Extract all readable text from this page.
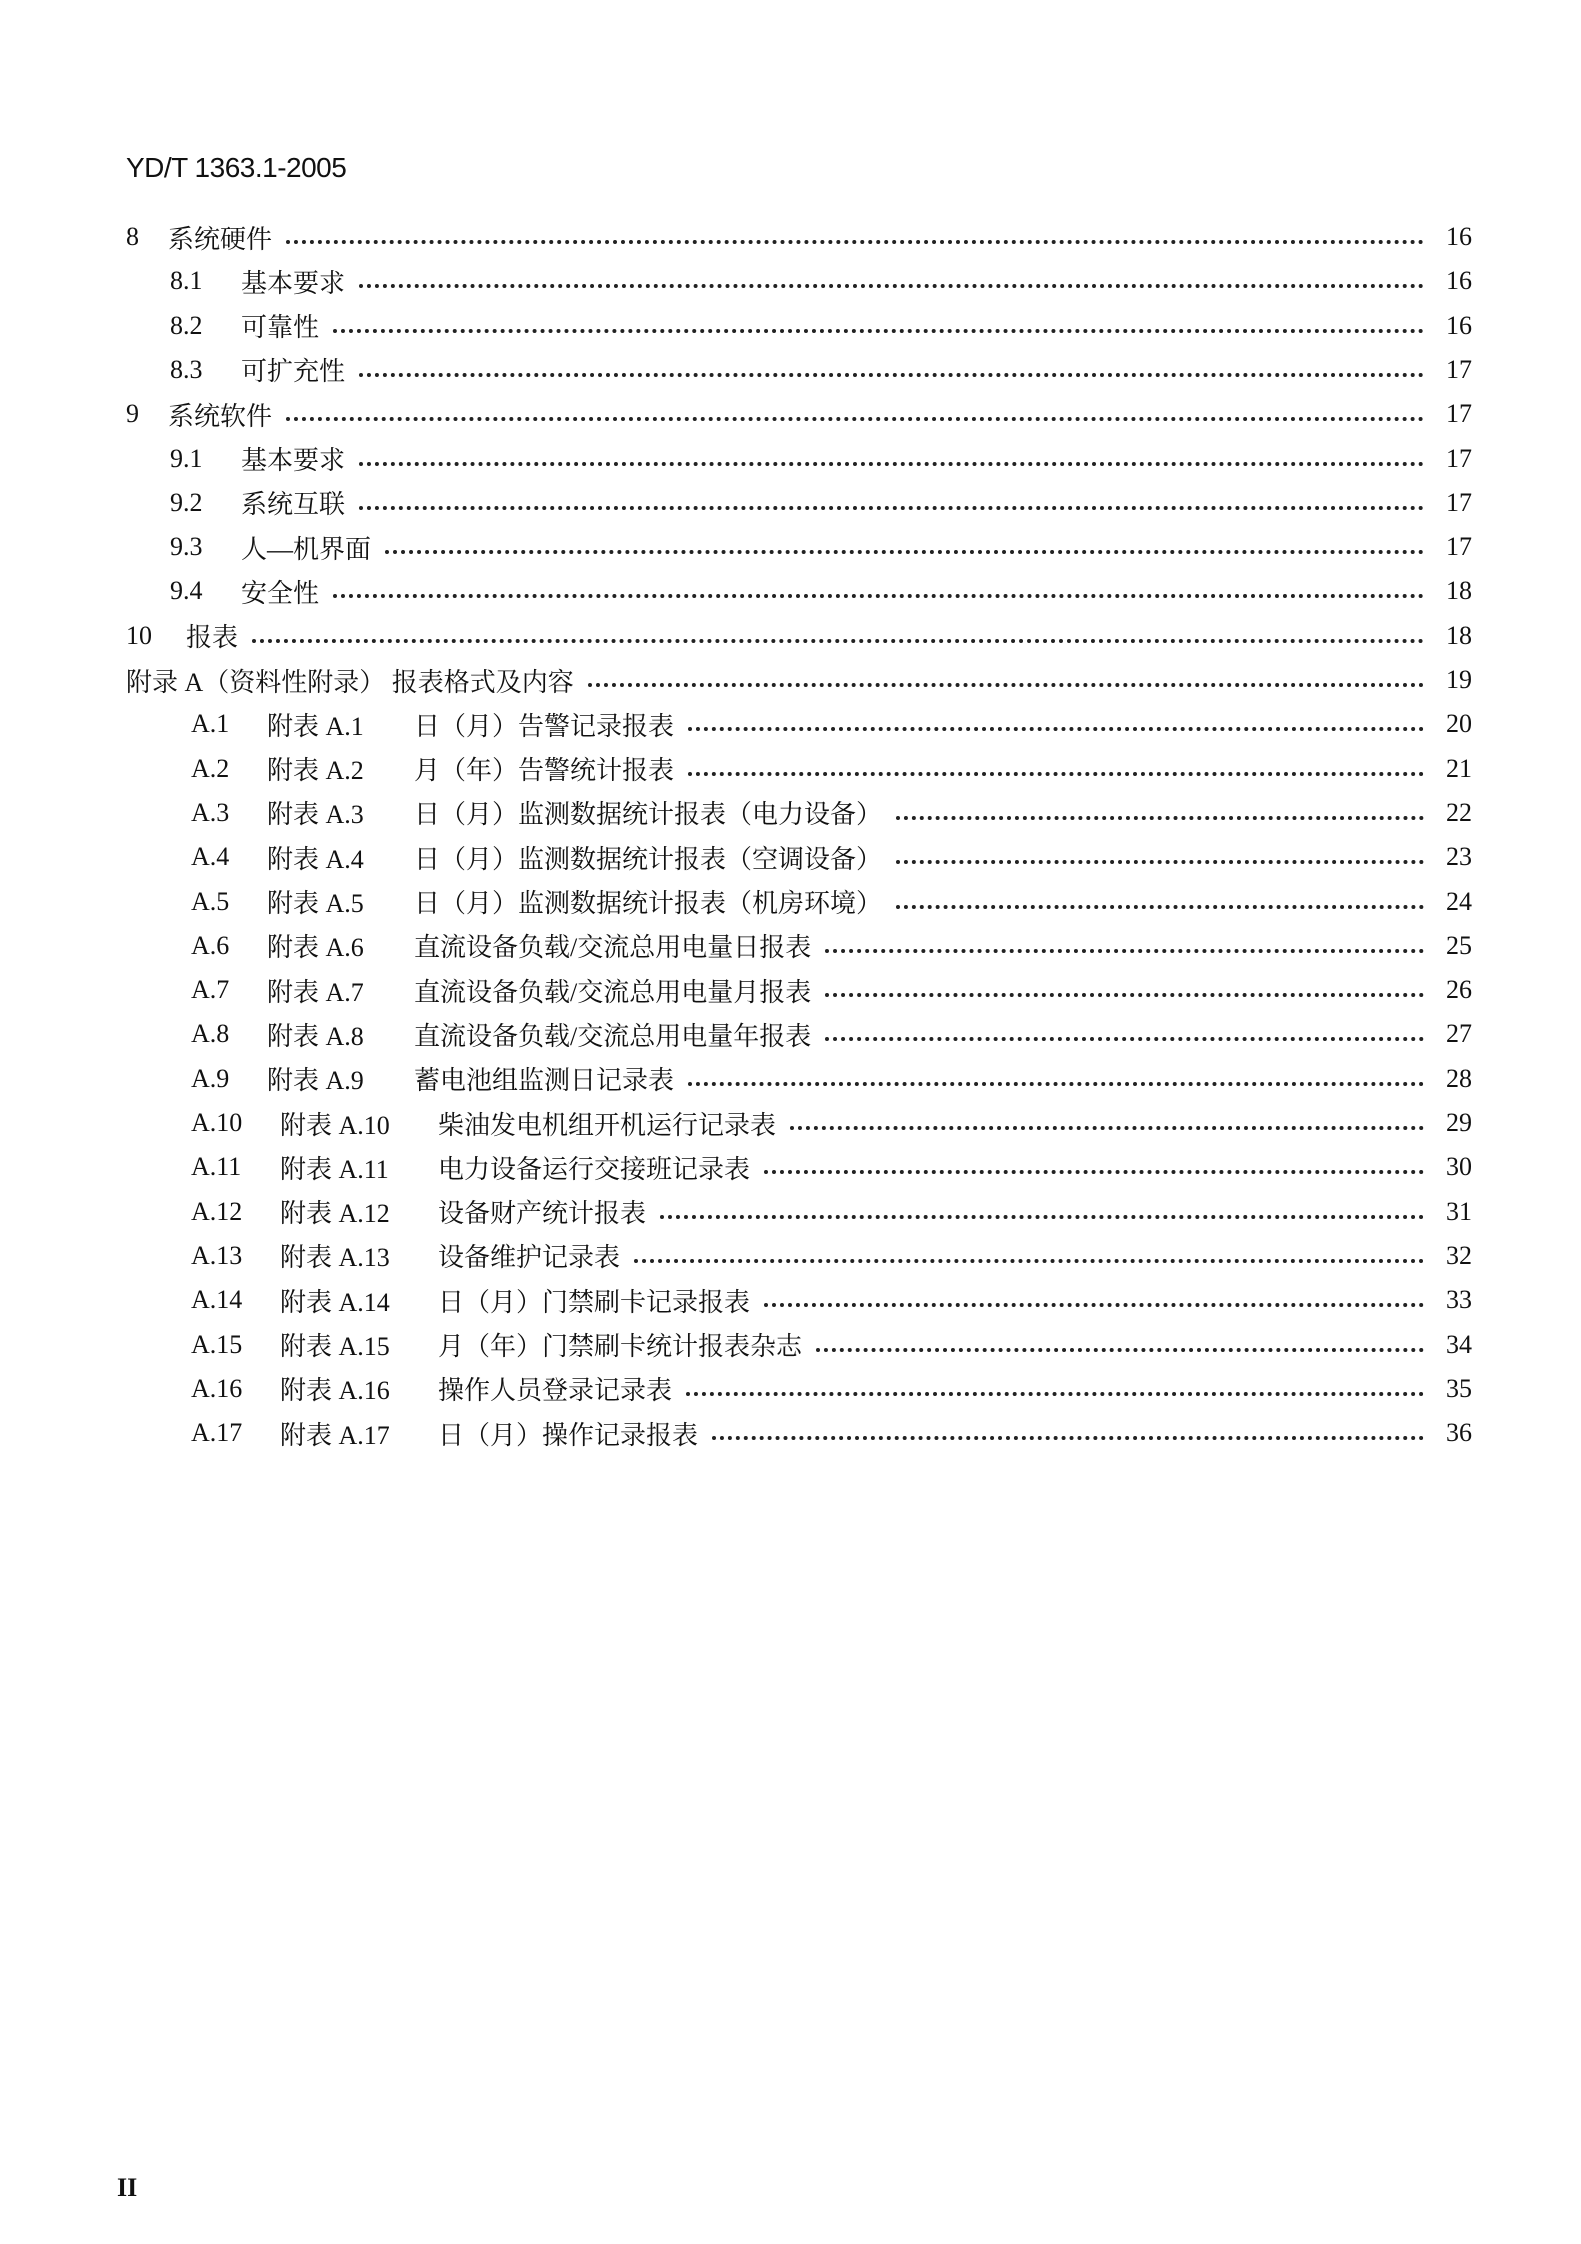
YD/T 1363.1-2005
8	系统硬件	16
8.1	基本要求	16
8.2	可靠性	16
8.3	可扩充性	17
9	系统软件	17
9.1	基本要求	17
9.2	系统互联	17
9.3	人—机界面	17
9.4	安全性	18
10	报表	18
附录 A（资料性附录） 报表格式及内容	19
A.1	附表 A.1	日（月）告警记录报表	20
A.2	附表 A.2	月（年）告警统计报表	21
A.3	附表 A.3	日（月）监测数据统计报表（电力设备）	22
A.4	附表 A.4	日（月）监测数据统计报表（空调设备）	23
A.5	附表 A.5	日（月）监测数据统计报表（机房环境）	24
A.6	附表 A.6	直流设备负载/交流总用电量日报表	25
A.7	附表 A.7	直流设备负载/交流总用电量月报表	26
A.8	附表 A.8	直流设备负载/交流总用电量年报表	27
A.9	附表 A.9	蓄电池组监测日记录表	28
A.10	附表 A.10	柴油发电机组开机运行记录表	29
A.11	附表 A.11	电力设备运行交接班记录表	30
A.12	附表 A.12	设备财产统计报表	31
A.13	附表 A.13	设备维护记录表	32
A.14	附表 A.14	日（月）门禁刷卡记录报表	33
A.15	附表 A.15	月（年）门禁刷卡统计报表杂志	34
A.16	附表 A.16	操作人员登录记录表	35
A.17	附表 A.17	日（月）操作记录报表	36
II
